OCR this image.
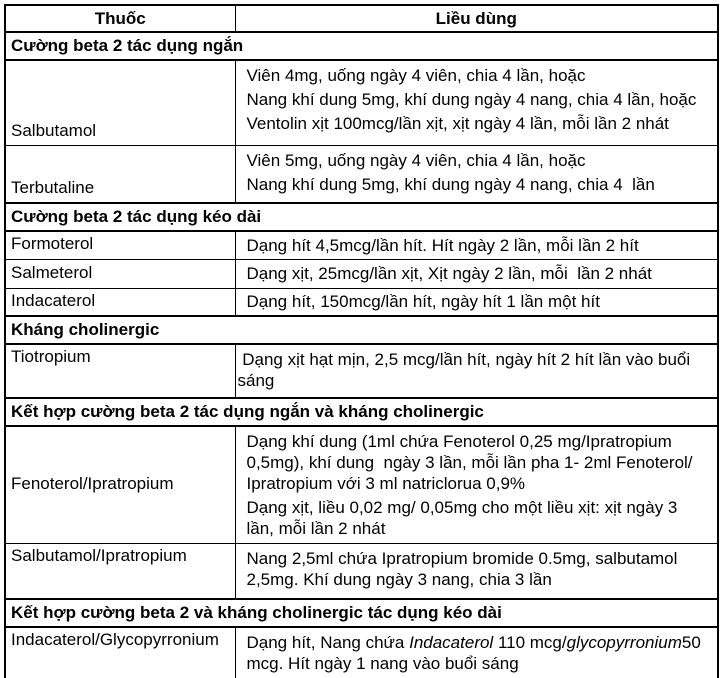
Thuốc	Liều dùng
Cường beta 2 tác dụng ngắn	
Salbutamol	Viên 4mg, uống ngày 4 viên, chia 4 lần, hoặc

Nang khí dung 5mg, khí dung ngày 4 nang, chia 4 lần, hoặc

Ventolin xịt 100mcg/lần xịt, xịt ngày 4 lần, mỗi lần 2 nhát

Terbutaline	Viên 5mg, uống ngày 4 viên, chia 4 lần, hoặc

Nang khí dung 5mg, khí dung ngày 4 nang, chia 4  lần

Cường beta 2 tác dụng kéo dài	
Formoterol	Dạng hít 4,5mcg/lần hít. Hít ngày 2 lần, mỗi lần 2 hít

Salmeterol	Dạng xịt, 25mcg/lần xịt, Xịt ngày 2 lần, mỗi  lần 2 nhát

Indacaterol	Dạng hít, 150mcg/lần hít, ngày hít 1 lần một hít

Kháng cholinergic	
Tiotropium	Dạng xịt hạt mịn, 2,5 mcg/lần hít, ngày hít 2 hít lần vào buổi sáng

Kết hợp cường beta 2 tác dụng ngắn và kháng cholinergic	
Fenoterol/Ipratropium	Dạng khí dung (1ml chứa Fenoterol 0,25 mg/Ipratropium 0,5mg), khí dung  ngày 3 lần, mỗi lần pha 1- 2ml Fenoterol/ Ipratropium với 3 ml natriclorua 0,9%

Dạng xịt, liều 0,02 mg/ 0,05mg cho một liều xịt: xịt ngày 3 lần, mỗi lần 2 nhát

Salbutamol/Ipratropium	Nang 2,5ml chứa Ipratropium bromide 0.5mg, salbutamol 2,5mg. Khí dung ngày 3 nang, chia 3 lần

Kết hợp cường beta 2 và kháng cholinergic tác dụng kéo dài	
Indacaterol/Glycopyrronium	Dạng hít, Nang chứa Indacaterol 110 mcg/glycopyrronium50 mcg. Hít ngày 1 nang vào buổi sáng
